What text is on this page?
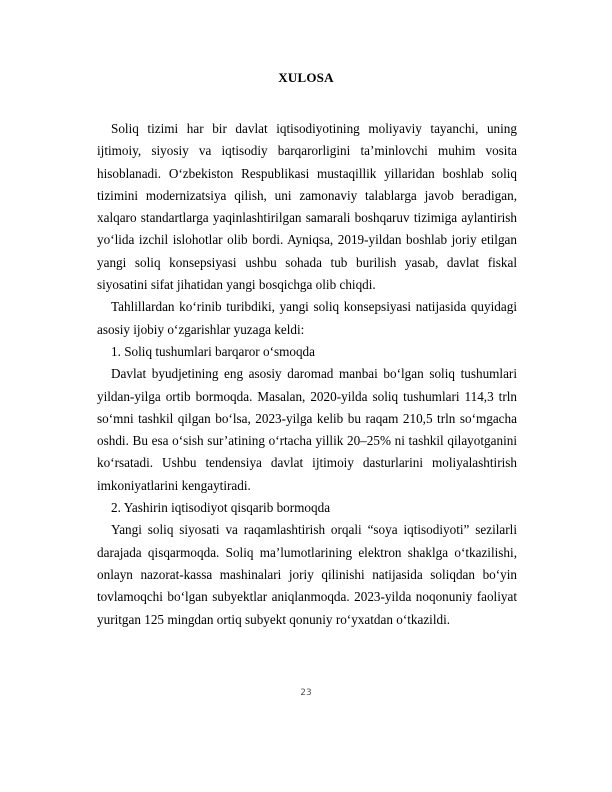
XULOSA

Soliq tizimi har bir davlat iqtisodiyotining moliyaviy tayanchi, uning ijtimoiy, siyosiy va iqtisodiy barqarorligini ta’minlovchi muhim vosita hisoblanadi. O‘zbekiston Respublikasi mustaqillik yillaridan boshlab soliq tizimini modernizatsiya qilish, uni zamonaviy talablarga javob beradigan, xalqaro standartlarga yaqinlashtirilgan samarali boshqaruv tizimiga aylantirish yo‘lida izchil islohotlar olib bordi. Ayniqsa, 2019-yildan boshlab joriy etilgan yangi soliq konsepsiyasi ushbu sohada tub burilish yasab, davlat fiskal siyosatini sifat jihatidan yangi bosqichga olib chiqdi.

Tahlillardan ko‘rinib turibdiki, yangi soliq konsepsiyasi natijasida quyidagi asosiy ijobiy o‘zgarishlar yuzaga keldi:

1. Soliq tushumlari barqaror o‘smoqda

Davlat byudjetining eng asosiy daromad manbai bo‘lgan soliq tushumlari yildan-yilga ortib bormoqda. Masalan, 2020-yilda soliq tushumlari 114,3 trln so‘mni tashkil qilgan bo‘lsa, 2023-yilga kelib bu raqam 210,5 trln so‘mgacha oshdi. Bu esa o‘sish sur’atining o‘rtacha yillik 20–25% ni tashkil qilayotganini ko‘rsatadi. Ushbu tendensiya davlat ijtimoiy dasturlarini moliyalashtirish imkoniyatlarini kengaytiradi.

2. Yashirin iqtisodiyot qisqarib bormoqda

Yangi soliq siyosati va raqamlashtirish orqali “soya iqtisodiyoti” sezilarli darajada qisqarmoqda. Soliq ma’lumotlarining elektron shaklga o‘tkazilishi, onlayn nazorat-kassa mashinalari joriy qilinishi natijasida soliqdan bo‘yin tovlamoqchi bo‘lgan subyektlar aniqlanmoqda. 2023-yilda noqonuniy faoliyat yuritgan 125 mingdan ortiq subyekt qonuniy ro‘yxatdan o‘tkazildi.

23
